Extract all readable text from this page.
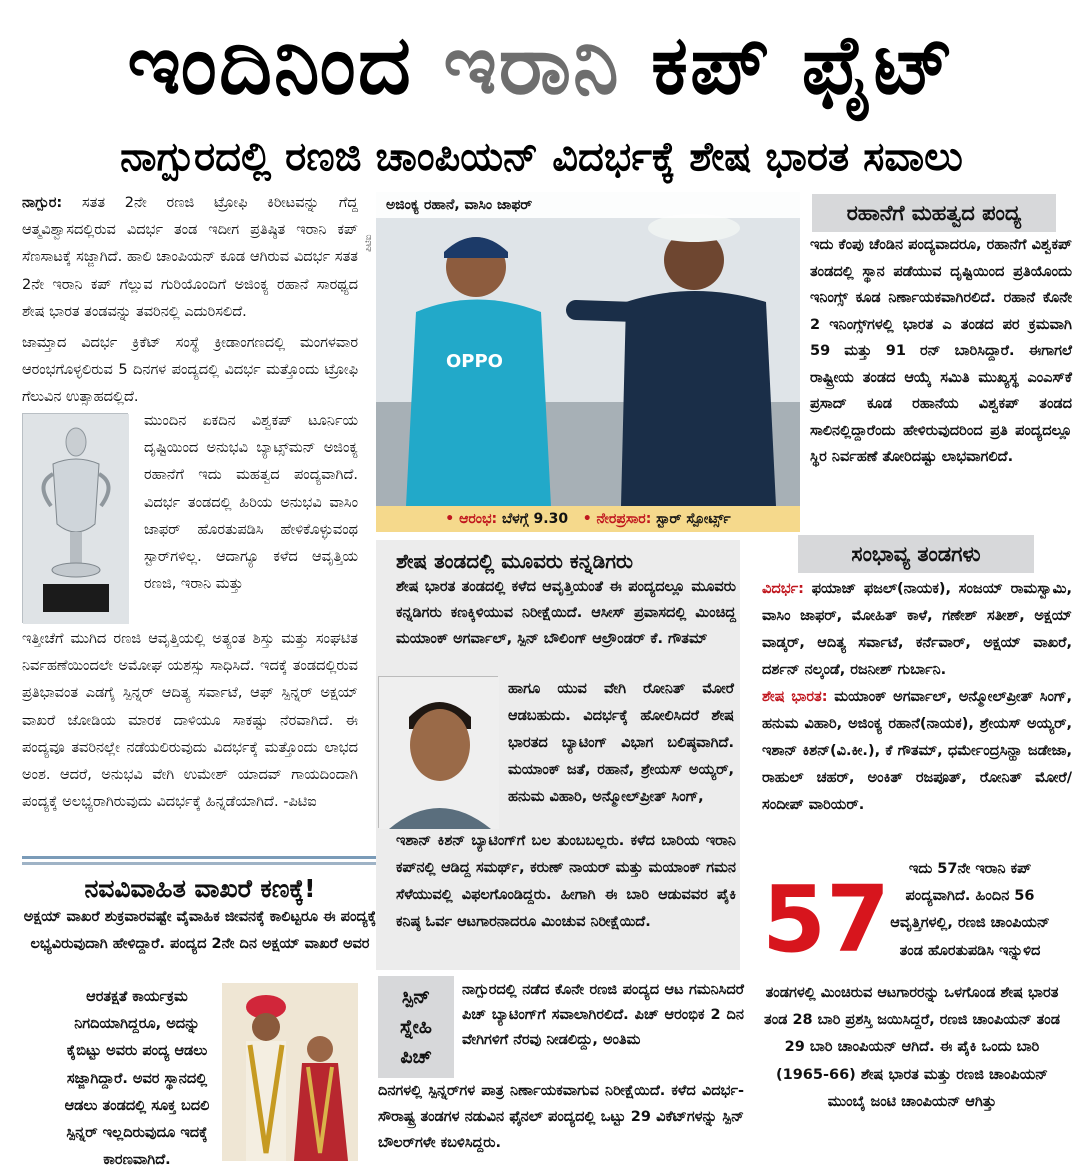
ಇಂದಿನಿಂದ ಇರಾನಿ ಕಪ್ ಫೈಟ್
ನಾಗ್ಪುರದಲ್ಲಿ ರಣಜಿ ಚಾಂಪಿಯನ್ ವಿದರ್ಭಕ್ಕೆ ಶೇಷ ಭಾರತ ಸವಾಲು

ನಾಗ್ಪುರ: ಸತತ 2ನೇ ರಣಜಿ ಟ್ರೋಫಿ ಕಿರೀಟವನ್ನು ಗೆದ್ದ ಆತ್ಮವಿಶ್ವಾಸದಲ್ಲಿರುವ ವಿದರ್ಭ ತಂಡ ಇದೀಗ ಪ್ರತಿಷ್ಠಿತ ಇರಾನಿ ಕಪ್ ಸೆಣಸಾಟಕ್ಕೆ ಸಜ್ಜಾಗಿದೆ. ಹಾಲಿ ಚಾಂಪಿಯನ್ ಕೂಡ ಆಗಿರುವ ವಿದರ್ಭ ಸತತ 2ನೇ ಇರಾನಿ ಕಪ್ ಗೆಲ್ಲುವ ಗುರಿಯೊಂದಿಗೆ ಅಜಿಂಕ್ಯ ರಹಾನೆ ಸಾರಥ್ಯದ ಶೇಷ ಭಾರತ ತಂಡವನ್ನು ತವರಿನಲ್ಲಿ ಎದುರಿಸಲಿದೆ.

ಜಾಮ್ತಾದ ವಿದರ್ಭ ಕ್ರಿಕೆಟ್ ಸಂಸ್ಥೆ ಕ್ರೀಡಾಂಗಣದಲ್ಲಿ ಮಂಗಳವಾರ ಆರಂಭಗೊಳ್ಳಲಿರುವ 5 ದಿನಗಳ ಪಂದ್ಯದಲ್ಲಿ ವಿದರ್ಭ ಮತ್ತೊಂದು ಟ್ರೋಫಿ ಗೆಲುವಿನ ಉತ್ಸಾಹದಲ್ಲಿದೆ.

ಮುಂದಿನ ಏಕದಿನ ವಿಶ್ವಕಪ್ ಟೂರ್ನಿಯ ದೃಷ್ಟಿಯಿಂದ ಅನುಭವಿ ಬ್ಯಾಟ್ಸ್‌ಮನ್ ಅಜಿಂಕ್ಯ ರಹಾನೆಗೆ ಇದು ಮಹತ್ವದ ಪಂದ್ಯವಾಗಿದೆ. ವಿದರ್ಭ ತಂಡದಲ್ಲಿ ಹಿರಿಯ ಅನುಭವಿ ವಾಸಿಂ ಜಾಫರ್ ಹೊರತುಪಡಿಸಿ ಹೇಳಿಕೊಳ್ಳುವಂಥ ಸ್ಟಾರ್‌ಗಳಿಲ್ಲ. ಆದಾಗ್ಯೂ ಕಳೆದ ಆವೃತ್ತಿಯ ರಣಜಿ, ಇರಾನಿ ಮತ್ತು
ಇತ್ತೀಚೆಗೆ ಮುಗಿದ ರಣಜಿ ಆವೃತ್ತಿಯಲ್ಲಿ ಅತ್ಯಂತ ಶಿಸ್ತು ಮತ್ತು ಸಂಘಟಿತ ನಿರ್ವಹಣೆಯಿಂದಲೇ ಅಮೋಘ ಯಶಸ್ಸು ಸಾಧಿಸಿದೆ. ಇದಕ್ಕೆ ತಂಡದಲ್ಲಿರುವ ಪ್ರತಿಭಾವಂತ ಎಡಗೈ ಸ್ಪಿನ್ನರ್ ಆದಿತ್ಯ ಸರ್ವಾಟೆ, ಆಫ್ ಸ್ಪಿನ್ನರ್ ಅಕ್ಷಯ್ ವಾಖರೆ ಜೋಡಿಯ ಮಾರಕ ದಾಳಿಯೂ ಸಾಕಷ್ಟು ನೆರವಾಗಿದೆ. ಈ ಪಂದ್ಯವೂ ತವರಿನಲ್ಲೇ ನಡೆಯಲಿರುವುದು ವಿದರ್ಭಕ್ಕೆ ಮತ್ತೊಂದು ಲಾಭದ ಅಂಶ. ಆದರೆ, ಅನುಭವಿ ವೇಗಿ ಉಮೇಶ್ ಯಾದವ್ ಗಾಯದಿಂದಾಗಿ ಪಂದ್ಯಕ್ಕೆ ಅಲಭ್ಯರಾಗಿರುವುದು ವಿದರ್ಭಕ್ಕೆ ಹಿನ್ನಡೆಯಾಗಿದೆ. -ಪಿಟಿಐ
ನವವಿವಾಹಿತ ವಾಖರೆ ಕಣಕ್ಕೆ!
ಅಕ್ಷಯ್ ವಾಖರೆ ಶುಕ್ರವಾರವಷ್ಟೇ ವೈವಾಹಿಕ ಜೀವನಕ್ಕೆ ಕಾಲಿಟ್ಟರೂ ಈ ಪಂದ್ಯಕ್ಕೆ ಲಭ್ಯವಿರುವುದಾಗಿ ಹೇಳಿದ್ದಾರೆ. ಪಂದ್ಯದ 2ನೇ ದಿನ ಅಕ್ಷಯ್ ವಾಖರೆ ಅವರ
ಆರತಕ್ಷತೆ ಕಾರ್ಯಕ್ರಮ ನಿಗದಿಯಾಗಿದ್ದರೂ, ಅದನ್ನು ಕೈಬಿಟ್ಟು ಅವರು ಪಂದ್ಯ ಆಡಲು ಸಜ್ಜಾಗಿದ್ದಾರೆ. ಅವರ ಸ್ಥಾನದಲ್ಲಿ ಆಡಲು ತಂಡದಲ್ಲಿ ಸೂಕ್ತ ಬದಲಿ ಸ್ಪಿನ್ನರ್ ಇಲ್ಲದಿರುವುದೂ ಇದಕ್ಕೆ ಕಾರಣವಾಗಿದೆ.
ಪಿಟಿಐ
OPPO
ಅಜಿಂಕ್ಯ ರಹಾನೆ, ವಾಸಿಂ ಜಾಫರ್
• ಆರಂಭ: ಬೆಳಗ್ಗೆ 9.30 • ನೇರಪ್ರಸಾರ: ಸ್ಟಾರ್ ಸ್ಪೋರ್ಟ್ಸ್
ರಹಾನೆಗೆ ಮಹತ್ವದ ಪಂದ್ಯ
ಇದು ಕೆಂಪು ಚೆಂಡಿನ ಪಂದ್ಯವಾದರೂ, ರಹಾನೆಗೆ ವಿಶ್ವಕಪ್ ತಂಡದಲ್ಲಿ ಸ್ಥಾನ ಪಡೆಯುವ ದೃಷ್ಟಿಯಿಂದ ಪ್ರತಿಯೊಂದು ಇನಿಂಗ್ಸ್ ಕೂಡ ನಿರ್ಣಾಯಕವಾಗಿರಲಿದೆ. ರಹಾನೆ ಕೊನೇ 2 ಇನಿಂಗ್ಸ್‌ಗಳಲ್ಲಿ ಭಾರತ ಎ ತಂಡದ ಪರ ಕ್ರಮವಾಗಿ 59 ಮತ್ತು 91 ರನ್ ಬಾರಿಸಿದ್ದಾರೆ. ಈಗಾಗಲೆ ರಾಷ್ಟ್ರೀಯ ತಂಡದ ಆಯ್ಕೆ ಸಮಿತಿ ಮುಖ್ಯಸ್ಥ ಎಂಎಸ್‌ಕೆ ಪ್ರಸಾದ್ ಕೂಡ ರಹಾನೆಯ ವಿಶ್ವಕಪ್ ತಂಡದ ಸಾಲಿನಲ್ಲಿದ್ದಾರೆಂದು ಹೇಳಿರುವುದರಿಂದ ಪ್ರತಿ ಪಂದ್ಯದಲ್ಲೂ ಸ್ಥಿರ ನಿರ್ವಹಣೆ ತೋರಿದಷ್ಟು ಲಾಭವಾಗಲಿದೆ.
ಶೇಷ ತಂಡದಲ್ಲಿ ಮೂವರು ಕನ್ನಡಿಗರು
ಶೇಷ ಭಾರತ ತಂಡದಲ್ಲಿ ಕಳೆದ ಆವೃತ್ತಿಯಂತೆ ಈ ಪಂದ್ಯದಲ್ಲೂ ಮೂವರು ಕನ್ನಡಿಗರು ಕಣಕ್ಕಿಳಿಯುವ ನಿರೀಕ್ಷೆಯಿದೆ. ಆಸೀಸ್ ಪ್ರವಾಸದಲ್ಲಿ ಮಿಂಚಿದ್ದ ಮಯಾಂಕ್ ಅಗರ್ವಾಲ್, ಸ್ಪಿನ್ ಬೌಲಿಂಗ್ ಆಲ್ರೌಂಡರ್ ಕೆ. ಗೌತಮ್
ಹಾಗೂ ಯುವ ವೇಗಿ ರೋನಿತ್ ಮೋರೆ ಆಡಬಹುದು. ವಿದರ್ಭಕ್ಕೆ ಹೋಲಿಸಿದರೆ ಶೇಷ ಭಾರತದ ಬ್ಯಾಟಿಂಗ್ ವಿಭಾಗ ಬಲಿಷ್ಠವಾಗಿದೆ. ಮಯಾಂಕ್ ಜತೆ, ರಹಾನೆ, ಶ್ರೇಯಸ್ ಅಯ್ಯರ್, ಹನುಮ ವಿಹಾರಿ, ಅನ್ಮೋಲ್‌ಪ್ರೀತ್ ಸಿಂಗ್,
ಇಶಾನ್ ಕಿಶನ್ ಬ್ಯಾಟಿಂಗ್‌ಗೆ ಬಲ ತುಂಬಬಲ್ಲರು. ಕಳೆದ ಬಾರಿಯ ಇರಾನಿ ಕಪ್‌ನಲ್ಲಿ ಆಡಿದ್ದ ಸಮರ್ಥ್, ಕರುಣ್ ನಾಯರ್ ಮತ್ತು ಮಯಾಂಕ್ ಗಮನ ಸೆಳೆಯುವಲ್ಲಿ ವಿಫಲಗೊಂಡಿದ್ದರು. ಹೀಗಾಗಿ ಈ ಬಾರಿ ಆಡುವವರ ಪೈಕಿ ಕನಿಷ್ಠ ಓರ್ವ ಆಟಗಾರನಾದರೂ ಮಿಂಚುವ ನಿರೀಕ್ಷೆಯಿದೆ.
ಸಂಭಾವ್ಯ ತಂಡಗಳು

ವಿದರ್ಭ: ಫಯಾಜ್ ಫಜಲ್(ನಾಯಕ), ಸಂಜಯ್ ರಾಮಸ್ವಾಮಿ, ವಾಸಿಂ ಜಾಫರ್, ಮೋಹಿತ್ ಕಾಳೆ, ಗಣೇಶ್ ಸತೀಶ್, ಅಕ್ಷಯ್ ವಾಡ್ಕರ್, ಆದಿತ್ಯ ಸರ್ವಾಟೆ, ಕರ್ನೆವಾರ್, ಅಕ್ಷಯ್ ವಾಖರೆ, ದರ್ಶನ್ ನಲ್ಕಂಡೆ, ರಜನೀಶ್ ಗುರ್ಬಾನಿ.

ಶೇಷ ಭಾರತ: ಮಯಾಂಕ್ ಅಗರ್ವಾಲ್, ಅನ್ಮೋಲ್‌ಪ್ರೀತ್ ಸಿಂಗ್, ಹನುಮ ವಿಹಾರಿ, ಅಜಿಂಕ್ಯ ರಹಾನೆ(ನಾಯಕ), ಶ್ರೇಯಸ್ ಅಯ್ಯರ್, ಇಶಾನ್ ಕಿಶನ್(ವಿ.ಕೀ.), ಕೆ ಗೌತಮ್, ಧರ್ಮೇಂದ್ರಸಿನ್ಹಾ ಜಡೇಜಾ, ರಾಹುಲ್ ಚಹರ್, ಅಂಕಿತ್ ರಜಪೂತ್, ರೋನಿತ್ ಮೋರೆ/ಸಂದೀಪ್ ವಾರಿಯರ್.

57	ಇದು 57ನೇ ಇರಾನಿ ಕಪ್ ಪಂದ್ಯವಾಗಿದೆ. ಹಿಂದಿನ 56 ಆವೃತ್ತಿಗಳಲ್ಲಿ, ರಣಜಿ ಚಾಂಪಿಯನ್ ತಂಡ ಹೊರತುಪಡಿಸಿ ಇನ್ನುಳಿದ
ತಂಡಗಳಲ್ಲಿ ಮಿಂಚಿರುವ ಆಟಗಾರರನ್ನು ಒಳಗೊಂಡ ಶೇಷ ಭಾರತ ತಂಡ 28 ಬಾರಿ ಪ್ರಶಸ್ತಿ ಜಯಿಸಿದ್ದರೆ, ರಣಜಿ ಚಾಂಪಿಯನ್ ತಂಡ 29 ಬಾರಿ ಚಾಂಪಿಯನ್ ಆಗಿದೆ. ಈ ಪೈಕಿ ಒಂದು ಬಾರಿ (1965-66) ಶೇಷ ಭಾರತ ಮತ್ತು ರಣಜಿ ಚಾಂಪಿಯನ್ ಮುಂಬೈ ಜಂಟಿ ಚಾಂಪಿಯನ್ ಆಗಿತ್ತು
ಸ್ಪಿನ್
ಸ್ನೇಹಿ
ಪಿಚ್
ನಾಗ್ಪುರದಲ್ಲಿ ನಡೆದ ಕೊನೇ ರಣಜಿ ಪಂದ್ಯದ ಆಟ ಗಮನಿಸಿದರೆ ಪಿಚ್ ಬ್ಯಾಟಿಂಗ್‌ಗೆ ಸವಾಲಾಗಿರಲಿದೆ. ಪಿಚ್ ಆರಂಭಿಕ 2 ದಿನ ವೇಗಿಗಳಿಗೆ ನೆರವು ನೀಡಲಿದ್ದು, ಅಂತಿಮ
ದಿನಗಳಲ್ಲಿ ಸ್ಪಿನ್ನರ್‌ಗಳ ಪಾತ್ರ ನಿರ್ಣಾಯಕವಾಗುವ ನಿರೀಕ್ಷೆಯಿದೆ. ಕಳೆದ ವಿದರ್ಭ-ಸೌರಾಷ್ಟ್ರ ತಂಡಗಳ ನಡುವಿನ ಫೈನಲ್ ಪಂದ್ಯದಲ್ಲಿ ಒಟ್ಟು 29 ವಿಕೆಟ್‌ಗಳನ್ನು ಸ್ಪಿನ್ ಬೌಲರ್‌ಗಳೇ ಕಬಳಿಸಿದ್ದರು.
